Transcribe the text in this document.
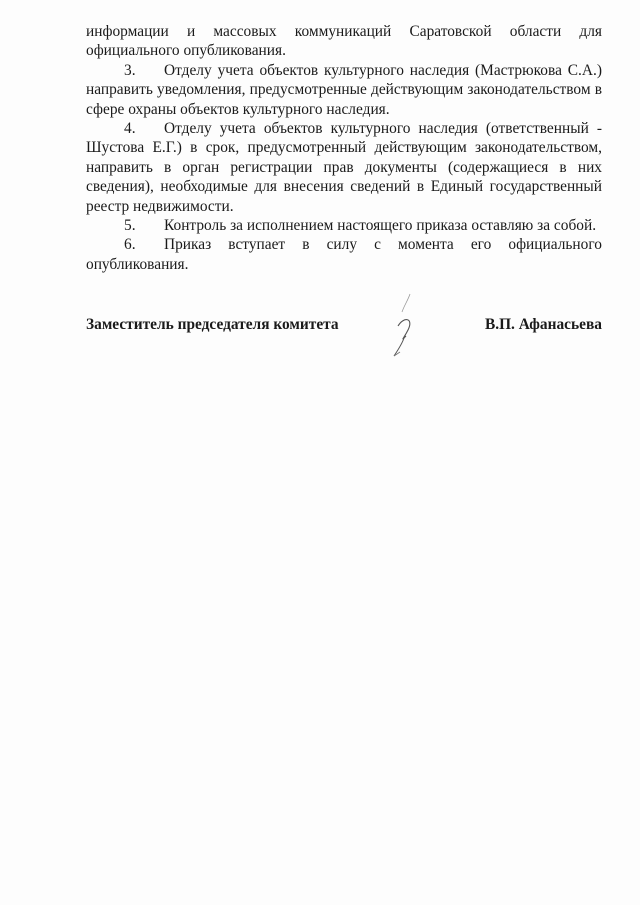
информации и массовых коммуникаций Саратовской области для официального опубликования.

3. Отделу учета объектов культурного наследия (Мастрюкова С.А.) направить уведомления, предусмотренные действующим законодательством в сфере охраны объектов культурного наследия.

4. Отделу учета объектов культурного наследия (ответственный - Шустова Е.Г.) в срок, предусмотренный действующим законодательством, направить в орган регистрации прав документы (содержащиеся в них сведения), необходимые для внесения сведений в Единый государственный реестр недвижимости.

5. Контроль за исполнением настоящего приказа оставляю за собой.

6. Приказ вступает в силу с момента его официального опубликования.

Заместитель председателя комитета	В.П. Афанасьева
